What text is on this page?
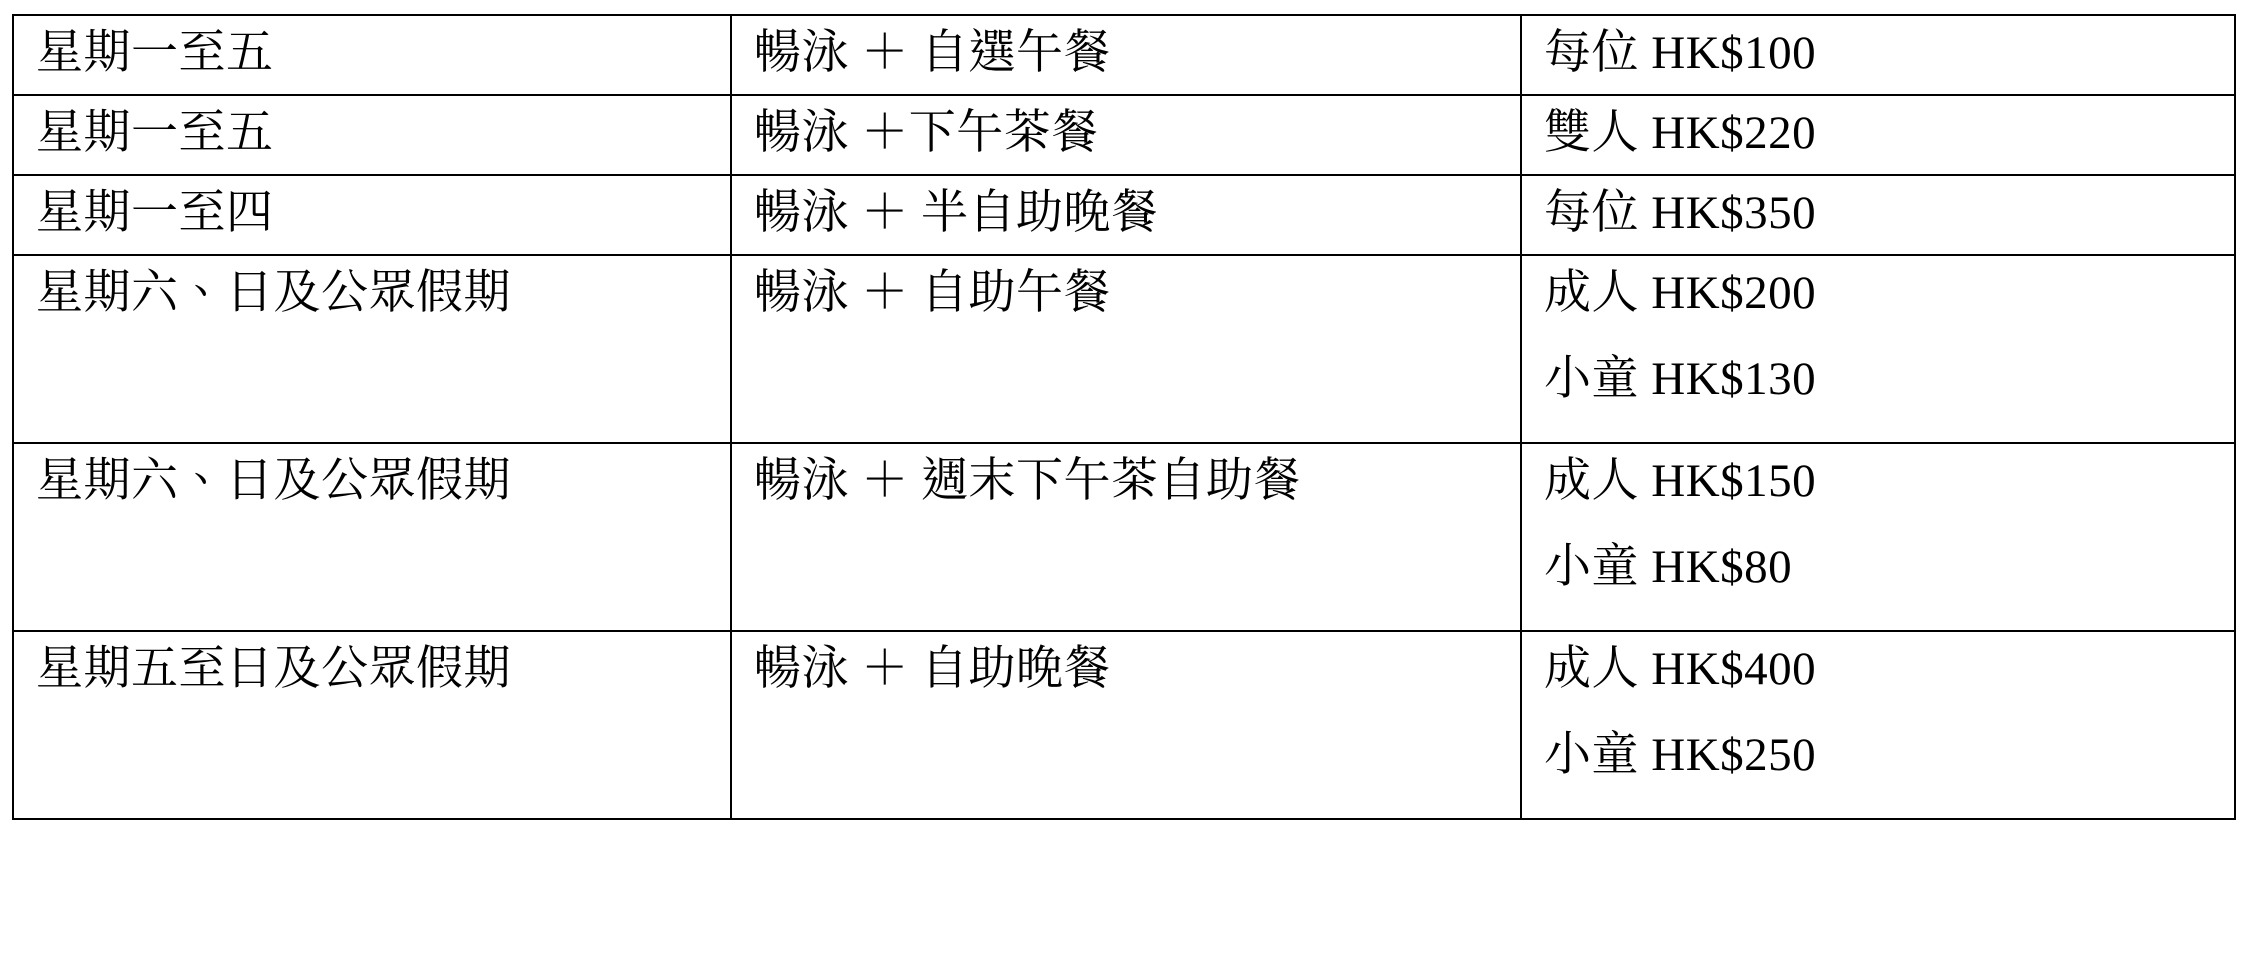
星期一至五	暢泳 ＋ 自選午餐	每位 HK$100

星期一至五	暢泳 ＋下午茶餐	雙人 HK$220

星期一至四	暢泳 ＋ 半自助晚餐	每位 HK$350

星期六、日及公眾假期	暢泳 ＋ 自助午餐	成人 HK$200
小童 HK$130

星期六、日及公眾假期	暢泳 ＋ 週末下午茶自助餐	成人 HK$150
小童 HK$80

星期五至日及公眾假期	暢泳 ＋ 自助晚餐	成人 HK$400
小童 HK$250
